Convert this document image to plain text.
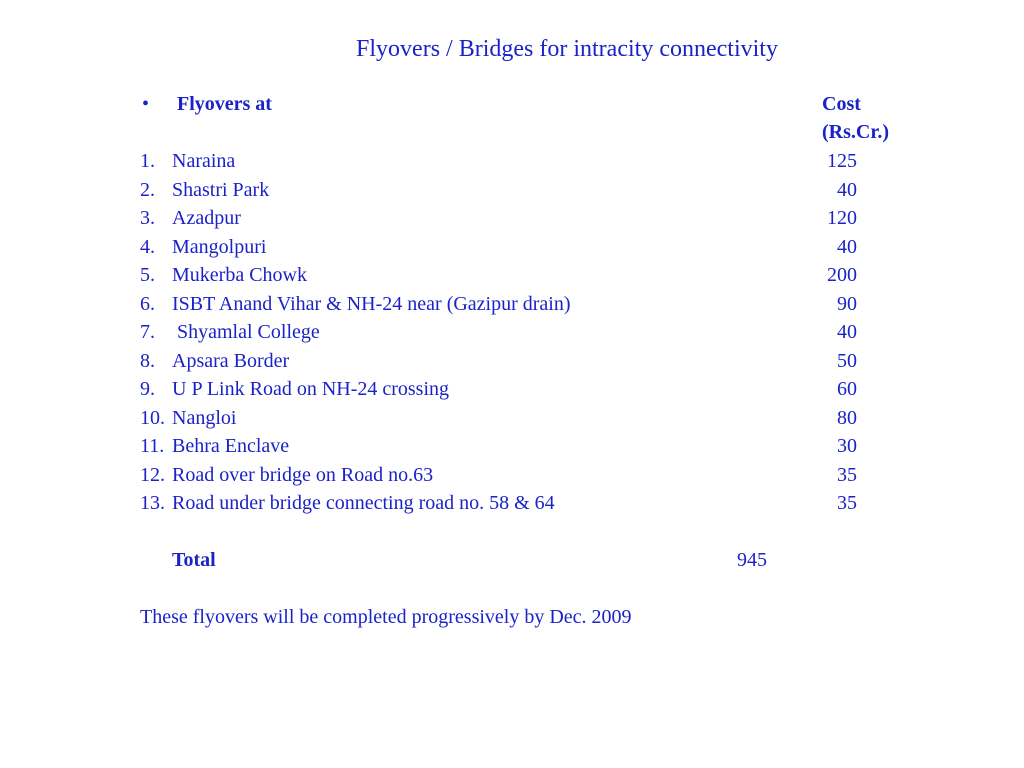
Flyovers / Bridges for intracity connectivity
• Flyovers at	Cost
(Rs.Cr.)
1. Naraina	125
2. Shastri Park	40
3. Azadpur	120
4. Mangolpuri	40
5. Mukerba Chowk	200
6. ISBT Anand Vihar & NH-24 near (Gazipur drain)	90
7. Shyamlal College	40
8. Apsara Border	50
9. U P Link Road on NH-24 crossing	60
10. Nangloi	80
11. Behra Enclave	30
12. Road over bridge on Road no.63	35
13. Road under bridge connecting road no. 58 & 64	35
Total	945
These flyovers will be completed progressively by Dec. 2009
